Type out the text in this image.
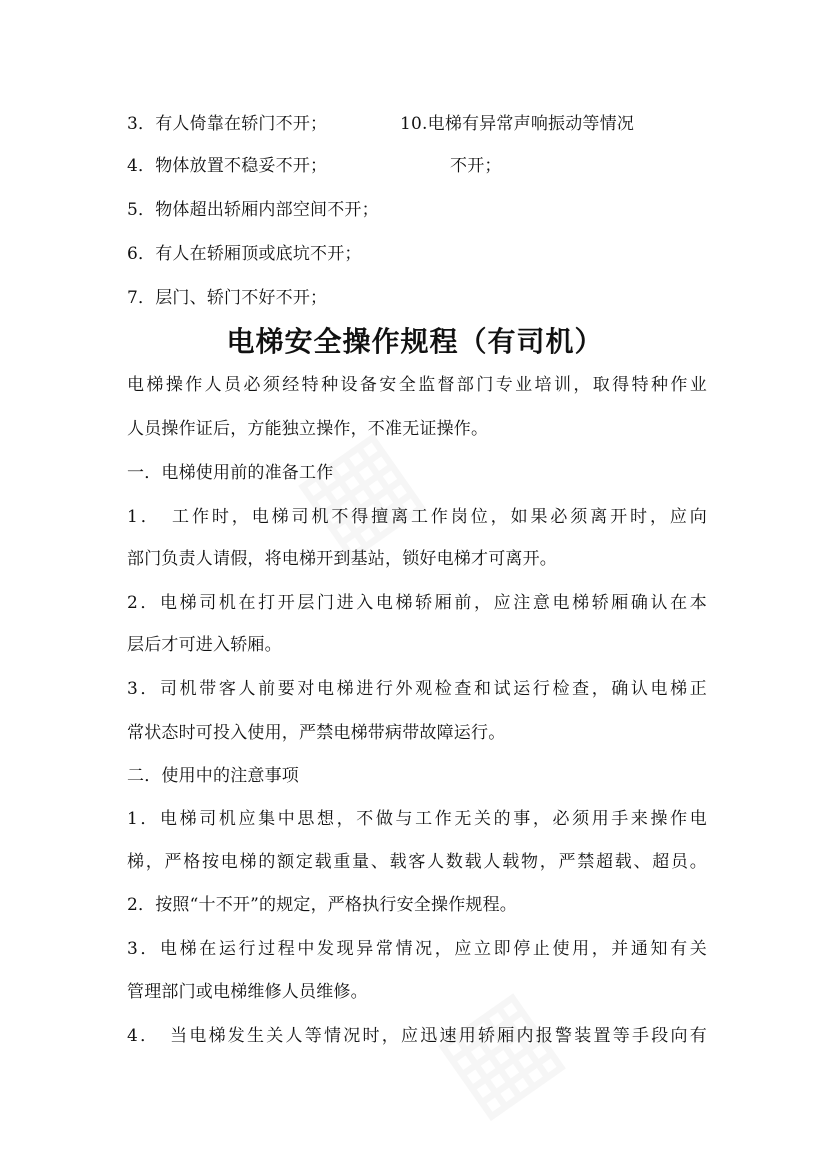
3．有人倚靠在轿门不开；	10.电梯有异常声响振动等情况
4．物体放置不稳妥不开；	不开；
5．物体超出轿厢内部空间不开；
6．有人在轿厢顶或底坑不开；
7．层门、轿门不好不开；
电梯安全操作规程（有司机）
电梯操作人员必须经特种设备安全监督部门专业培训，取得特种作业
人员操作证后，方能独立操作，不准无证操作。
一．电梯使用前的准备工作
1．　工作时，电梯司机不得擅离工作岗位，如果必须离开时，应向
部门负责人请假，将电梯开到基站，锁好电梯才可离开。
2．电梯司机在打开层门进入电梯轿厢前，应注意电梯轿厢确认在本
层后才可进入轿厢。
3．司机带客人前要对电梯进行外观检查和试运行检查，确认电梯正
常状态时可投入使用，严禁电梯带病带故障运行。
二．使用中的注意事项
1．电梯司机应集中思想，不做与工作无关的事，必须用手来操作电
梯，严格按电梯的额定载重量、载客人数载人载物，严禁超载、超员。
2．按照“十不开”的规定，严格执行安全操作规程。
3．电梯在运行过程中发现异常情况，应立即停止使用，并通知有关
管理部门或电梯维修人员维修。
4．　当电梯发生关人等情况时，应迅速用轿厢内报警装置等手段向有
